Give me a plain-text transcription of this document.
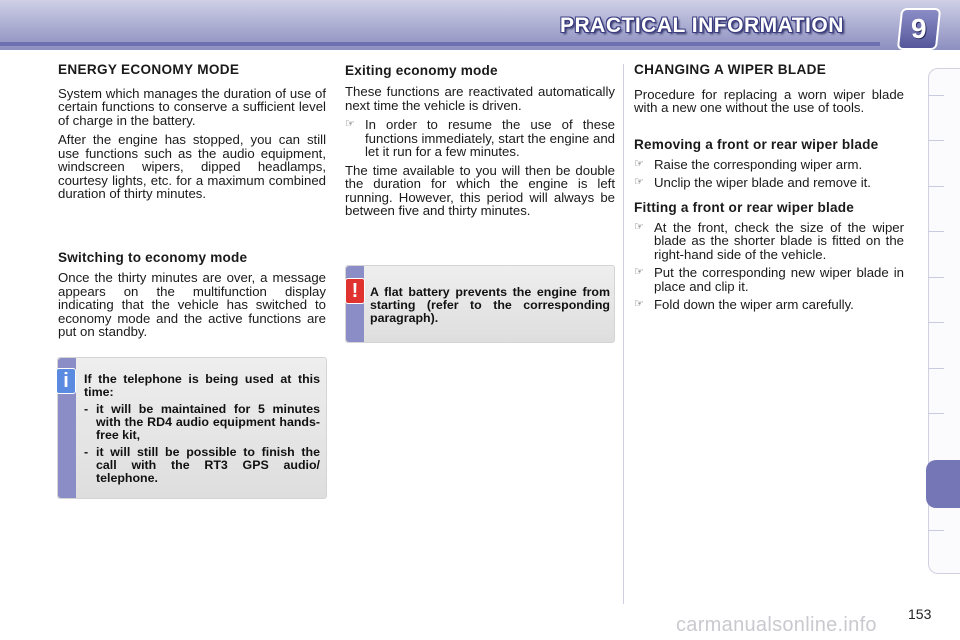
PRACTICAL INFORMATION 9
ENERGY ECONOMY MODE

System which manages the duration of use of certain functions to conserve a sufficient level of charge in the battery.

After the engine has stopped, you can still use functions such as the audio equipment, windscreen wipers, dipped headlamps, courtesy lights, etc. for a maximum combined duration of thirty minutes.

Switching to economy mode

Once the thirty minutes are over, a message appears on the multifunction display indicating that the vehicle has switched to economy mode and the active functions are put on standby.

i	If the telephone is being used at this time:
- it will be maintained for 5 minutes with the RD4 audio equipment hands-free kit,
- it will still be possible to finish the call with the RT3 GPS audio/ telephone.
Exiting economy mode

These functions are reactivated automatically next time the vehicle is driven.

☞ In order to resume the use of these functions immediately, start the engine and let it run for a few minutes.

The time available to you will then be double the duration for which the engine is left running. However, this period will always be between five and thirty minutes.

! A flat battery prevents the engine from starting (refer to the corresponding paragraph).
CHANGING A WIPER BLADE

Procedure for replacing a worn wiper blade with a new one without the use of tools.

Removing a front or rear wiper blade
☞ Raise the corresponding wiper arm.
☞ Unclip the wiper blade and remove it.
Fitting a front or rear wiper blade
☞ At the front, check the size of the wiper blade as the shorter blade is fitted on the right-hand side of the vehicle.
☞ Put the corresponding new wiper blade in place and clip it.
☞ Fold down the wiper arm carefully.
carmanualsonline.info 153
